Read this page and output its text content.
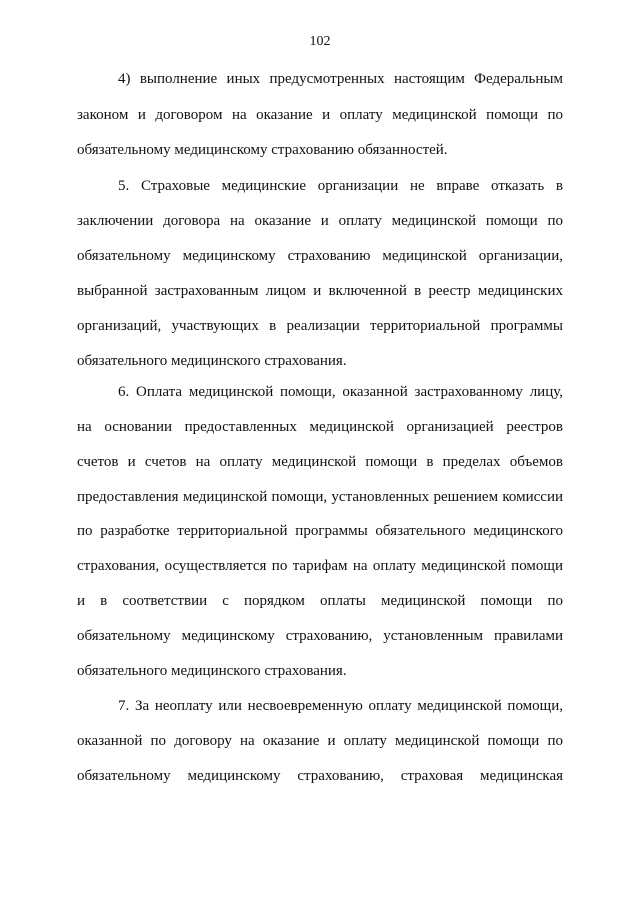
102
4) выполнение иных предусмотренных настоящим Федеральным
законом и договором на оказание и оплату медицинской помощи по
обязательному медицинскому страхованию обязанностей.
5. Страховые медицинские организации не вправе отказать в
заключении договора на оказание и оплату медицинской помощи по
обязательному медицинскому страхованию медицинской организации,
выбранной застрахованным лицом и включенной в реестр медицинских
организаций, участвующих в реализации территориальной программы
обязательного медицинского страхования.
6. Оплата медицинской помощи, оказанной застрахованному лицу,
на основании предоставленных медицинской организацией реестров
счетов и счетов на оплату медицинской помощи в пределах объемов
предоставления медицинской помощи, установленных решением комиссии
по разработке территориальной программы обязательного медицинского
страхования, осуществляется по тарифам на оплату медицинской помощи
и в соответствии с порядком оплаты медицинской помощи по
обязательному медицинскому страхованию, установленным правилами
обязательного медицинского страхования.
7. За неоплату или несвоевременную оплату медицинской помощи,
оказанной по договору на оказание и оплату медицинской помощи по
обязательному медицинскому страхованию, страховая медицинская
